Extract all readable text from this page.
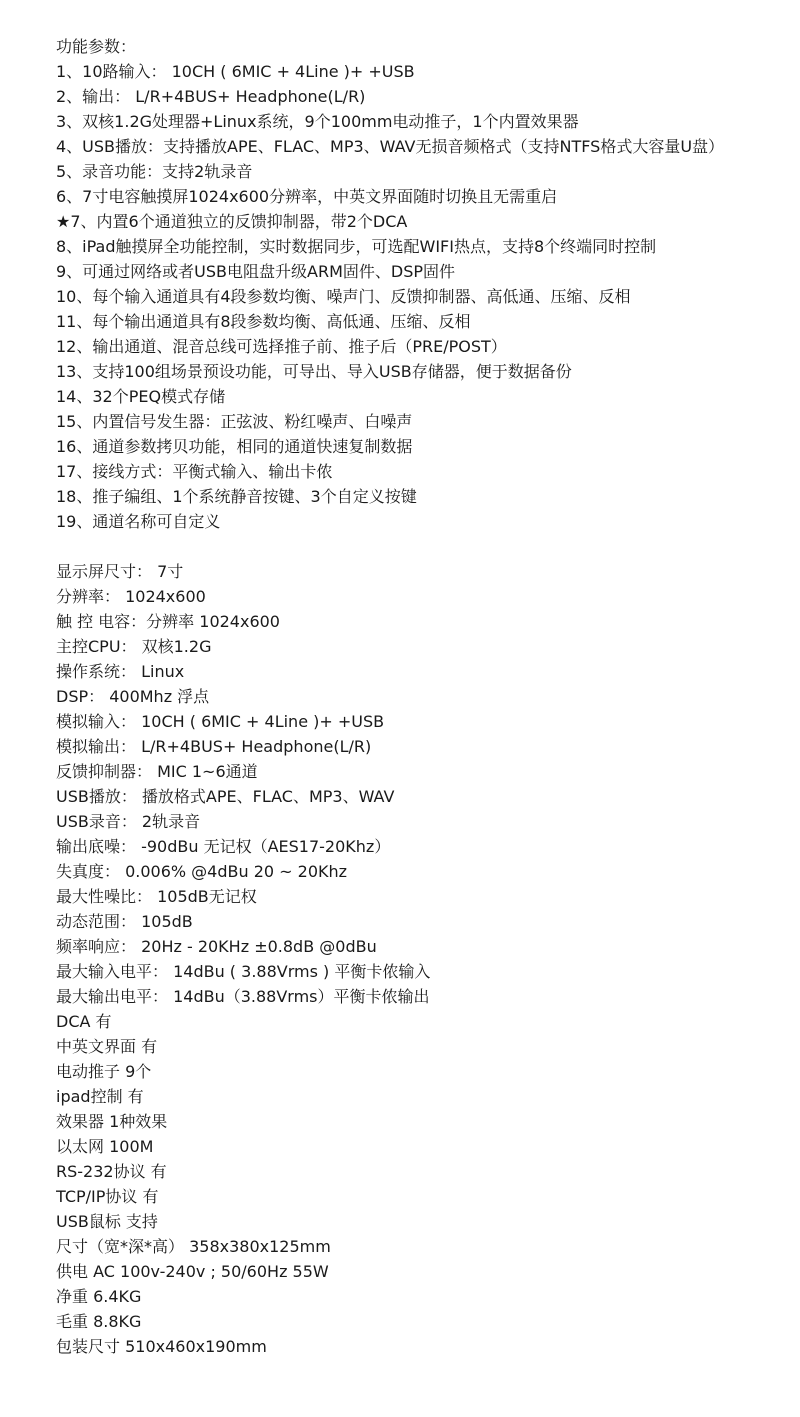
功能参数：
1、10路输入： 10CH ( 6MIC + 4Line )+ +USB
2、输出： L/R+4BUS+ Headphone(L/R)
3、双核1.2G处理器+Linux系统，9个100mm电动推子，1个内置效果器
4、USB播放：支持播放APE、FLAC、MP3、WAV无损音频格式（支持NTFS格式大容量U盘）
5、录音功能：支持2轨录音
6、7寸电容触摸屏1024x600分辨率，中英文界面随时切换且无需重启
★7、内置6个通道独立的反馈抑制器，带2个DCA
8、iPad触摸屏全功能控制，实时数据同步，可选配WIFI热点，支持8个终端同时控制
9、可通过网络或者USB电阻盘升级ARM固件、DSP固件
10、每个输入通道具有4段参数均衡、噪声门、反馈抑制器、高低通、压缩、反相
11、每个输出通道具有8段参数均衡、高低通、压缩、反相
12、输出通道、混音总线可选择推子前、推子后（PRE/POST）
13、支持100组场景预设功能，可导出、导入USB存储器，便于数据备份
14、32个PEQ模式存储
15、内置信号发生器：正弦波、粉红噪声、白噪声
16、通道参数拷贝功能，相同的通道快速复制数据
17、接线方式：平衡式输入、输出卡侬
18、推子编组、1个系统静音按键、3个自定义按键
19、通道名称可自定义
显示屏尺寸： 7寸
分辨率： 1024x600
触 控 电容：分辨率 1024x600
主控CPU： 双核1.2G
操作系统： Linux
DSP： 400Mhz 浮点
模拟输入： 10CH ( 6MIC + 4Line )+ +USB
模拟输出： L/R+4BUS+ Headphone(L/R)
反馈抑制器： MIC 1~6通道
USB播放： 播放格式APE、FLAC、MP3、WAV
USB录音： 2轨录音
输出底噪： -90dBu 无记权（AES17-20Khz）
失真度： 0.006% @4dBu 20 ~ 20Khz
最大性噪比： 105dB无记权
动态范围： 105dB
频率响应： 20Hz - 20KHz ±0.8dB @0dBu
最大输入电平： 14dBu ( 3.88Vrms ) 平衡卡侬输入
最大输出电平： 14dBu（3.88Vrms）平衡卡侬输出
DCA 有
中英文界面 有
电动推子 9个
ipad控制 有
效果器 1种效果
以太网 100M
RS-232协议 有
TCP/IP协议 有
USB鼠标 支持
尺寸（宽*深*高） 358x380x125mm
供电 AC 100v-240v ; 50/60Hz 55W
净重 6.4KG
毛重 8.8KG
包装尺寸 510x460x190mm
